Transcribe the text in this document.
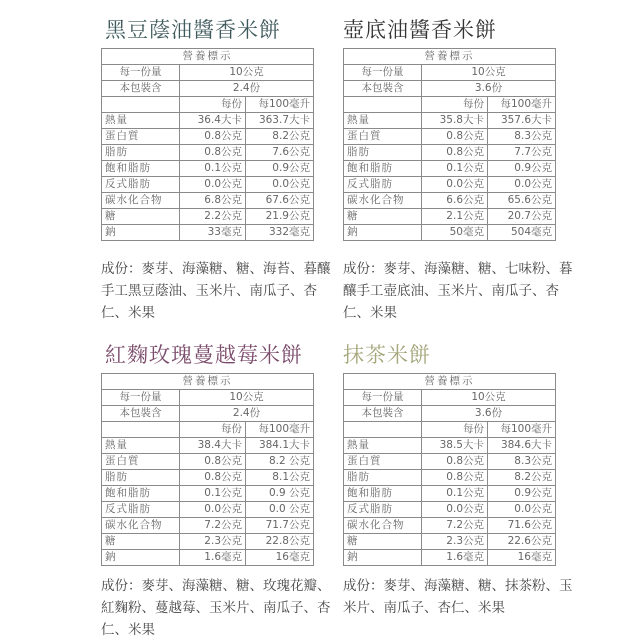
黑豆蔭油醬香米餅
營養標示		
每一份量	10公克	
本包裝含	2.4份	
	每份	每100毫升
熱量	36.4大卡	363.7大卡
蛋白質	0.8公克	8.2公克
脂肪	0.8公克	7.6公克
飽和脂肪	0.1公克	0.9公克
反式脂肪	0.0公克	0.0公克
碳水化合物	6.8公克	67.6公克
糖	2.2公克	21.9公克
鈉	33毫克	332毫克
成份：麥芽、海藻糖、糖、海苔、暮釀手工黑豆蔭油、玉米片、南瓜子、杏仁、米果
壺底油醬香米餅
營養標示		
每一份量	10公克	
本包裝含	3.6份	
	每份	每100毫升
熱量	35.8大卡	357.6大卡
蛋白質	0.8公克	8.3公克
脂肪	0.8公克	7.7公克
飽和脂肪	0.1公克	0.9公克
反式脂肪	0.0公克	0.0公克
碳水化合物	6.6公克	65.6公克
糖	2.1公克	20.7公克
鈉	50毫克	504毫克
成份：麥芽、海藻糖、糖、七味粉、暮釀手工壺底油、玉米片、南瓜子、杏仁、米果
紅麴玫瑰蔓越莓米餅
營養標示		
每一份量	10公克	
本包裝含	2.4份	
	每份	每100毫升
熱量	38.4大卡	384.1大卡
蛋白質	0.8公克	8.2 公克
脂肪	0.8公克	8.1公克
飽和脂肪	0.1公克	0.9 公克
反式脂肪	0.0公克	0.0 公克
碳水化合物	7.2公克	71.7公克
糖	2.3公克	22.8公克
鈉	1.6毫克	16毫克
成份：麥芽、海藻糖、糖、玫瑰花瓣、紅麴粉、蔓越莓、玉米片、南瓜子、杏仁、米果
抹茶米餅
營養標示		
每一份量	10公克	
本包裝含	3.6份	
	每份	每100毫升
熱量	38.5大卡	384.6大卡
蛋白質	0.8公克	8.3公克
脂肪	0.8公克	8.2公克
飽和脂肪	0.1公克	0.9公克
反式脂肪	0.0公克	0.0公克
碳水化合物	7.2公克	71.6公克
糖	2.3公克	22.6公克
鈉	1.6毫克	16毫克
成份：麥芽、海藻糖、糖、抹茶粉、玉米片、南瓜子、杏仁、米果
